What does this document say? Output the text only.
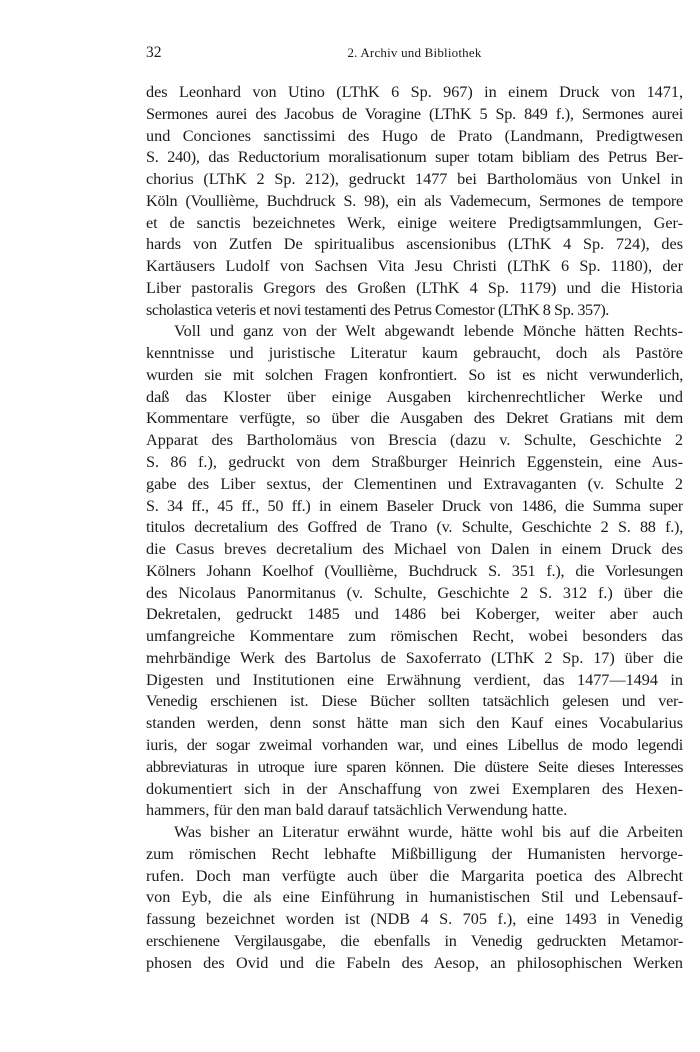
32	2. Archiv und Bibliothek
des Leonhard von Utino (LThK 6 Sp. 967) in einem Druck von 1471,
Sermones aurei des Jacobus de Voragine (LThK 5 Sp. 849 f.), Sermones aurei
und Conciones sanctissimi des Hugo de Prato (Landmann, Predigtwesen
S. 240), das Reductorium moralisationum super totam bibliam des Petrus Ber-
chorius (LThK 2 Sp. 212), gedruckt 1477 bei Bartholomäus von Unkel in
Köln (Voullième, Buchdruck S. 98), ein als Vademecum, Sermones de tempore
et de sanctis bezeichnetes Werk, einige weitere Predigtsammlungen, Ger-
hards von Zutfen De spiritualibus ascensionibus (LThK 4 Sp. 724), des
Kartäusers Ludolf von Sachsen Vita Jesu Christi (LThK 6 Sp. 1180), der
Liber pastoralis Gregors des Großen (LThK 4 Sp. 1179) und die Historia
scholastica veteris et novi testamenti des Petrus Comestor (LThK 8 Sp. 357).
Voll und ganz von der Welt abgewandt lebende Mönche hätten Rechts-
kenntnisse und juristische Literatur kaum gebraucht, doch als Pastöre
wurden sie mit solchen Fragen konfrontiert. So ist es nicht verwunderlich,
daß das Kloster über einige Ausgaben kirchenrechtlicher Werke und
Kommentare verfügte, so über die Ausgaben des Dekret Gratians mit dem
Apparat des Bartholomäus von Brescia (dazu v. Schulte, Geschichte 2
S. 86 f.), gedruckt von dem Straßburger Heinrich Eggenstein, eine Aus-
gabe des Liber sextus, der Clementinen und Extravaganten (v. Schulte 2
S. 34 ff., 45 ff., 50 ff.) in einem Baseler Druck von 1486, die Summa super
titulos decretalium des Goffred de Trano (v. Schulte, Geschichte 2 S. 88 f.),
die Casus breves decretalium des Michael von Dalen in einem Druck des
Kölners Johann Koelhof (Voullième, Buchdruck S. 351 f.), die Vorlesungen
des Nicolaus Panormitanus (v. Schulte, Geschichte 2 S. 312 f.) über die
Dekretalen, gedruckt 1485 und 1486 bei Koberger, weiter aber auch
umfangreiche Kommentare zum römischen Recht, wobei besonders das
mehrbändige Werk des Bartolus de Saxoferrato (LThK 2 Sp. 17) über die
Digesten und Institutionen eine Erwähnung verdient, das 1477—1494 in
Venedig erschienen ist. Diese Bücher sollten tatsächlich gelesen und ver-
standen werden, denn sonst hätte man sich den Kauf eines Vocabularius
iuris, der sogar zweimal vorhanden war, und eines Libellus de modo legendi
abbreviaturas in utroque iure sparen können. Die düstere Seite dieses Interesses
dokumentiert sich in der Anschaffung von zwei Exemplaren des Hexen-
hammers, für den man bald darauf tatsächlich Verwendung hatte.
Was bisher an Literatur erwähnt wurde, hätte wohl bis auf die Arbeiten
zum römischen Recht lebhafte Mißbilligung der Humanisten hervorge-
rufen. Doch man verfügte auch über die Margarita poetica des Albrecht
von Eyb, die als eine Einführung in humanistischen Stil und Lebensauf-
fassung bezeichnet worden ist (NDB 4 S. 705 f.), eine 1493 in Venedig
erschienene Vergilausgabe, die ebenfalls in Venedig gedruckten Metamor-
phosen des Ovid und die Fabeln des Aesop, an philosophischen Werken
